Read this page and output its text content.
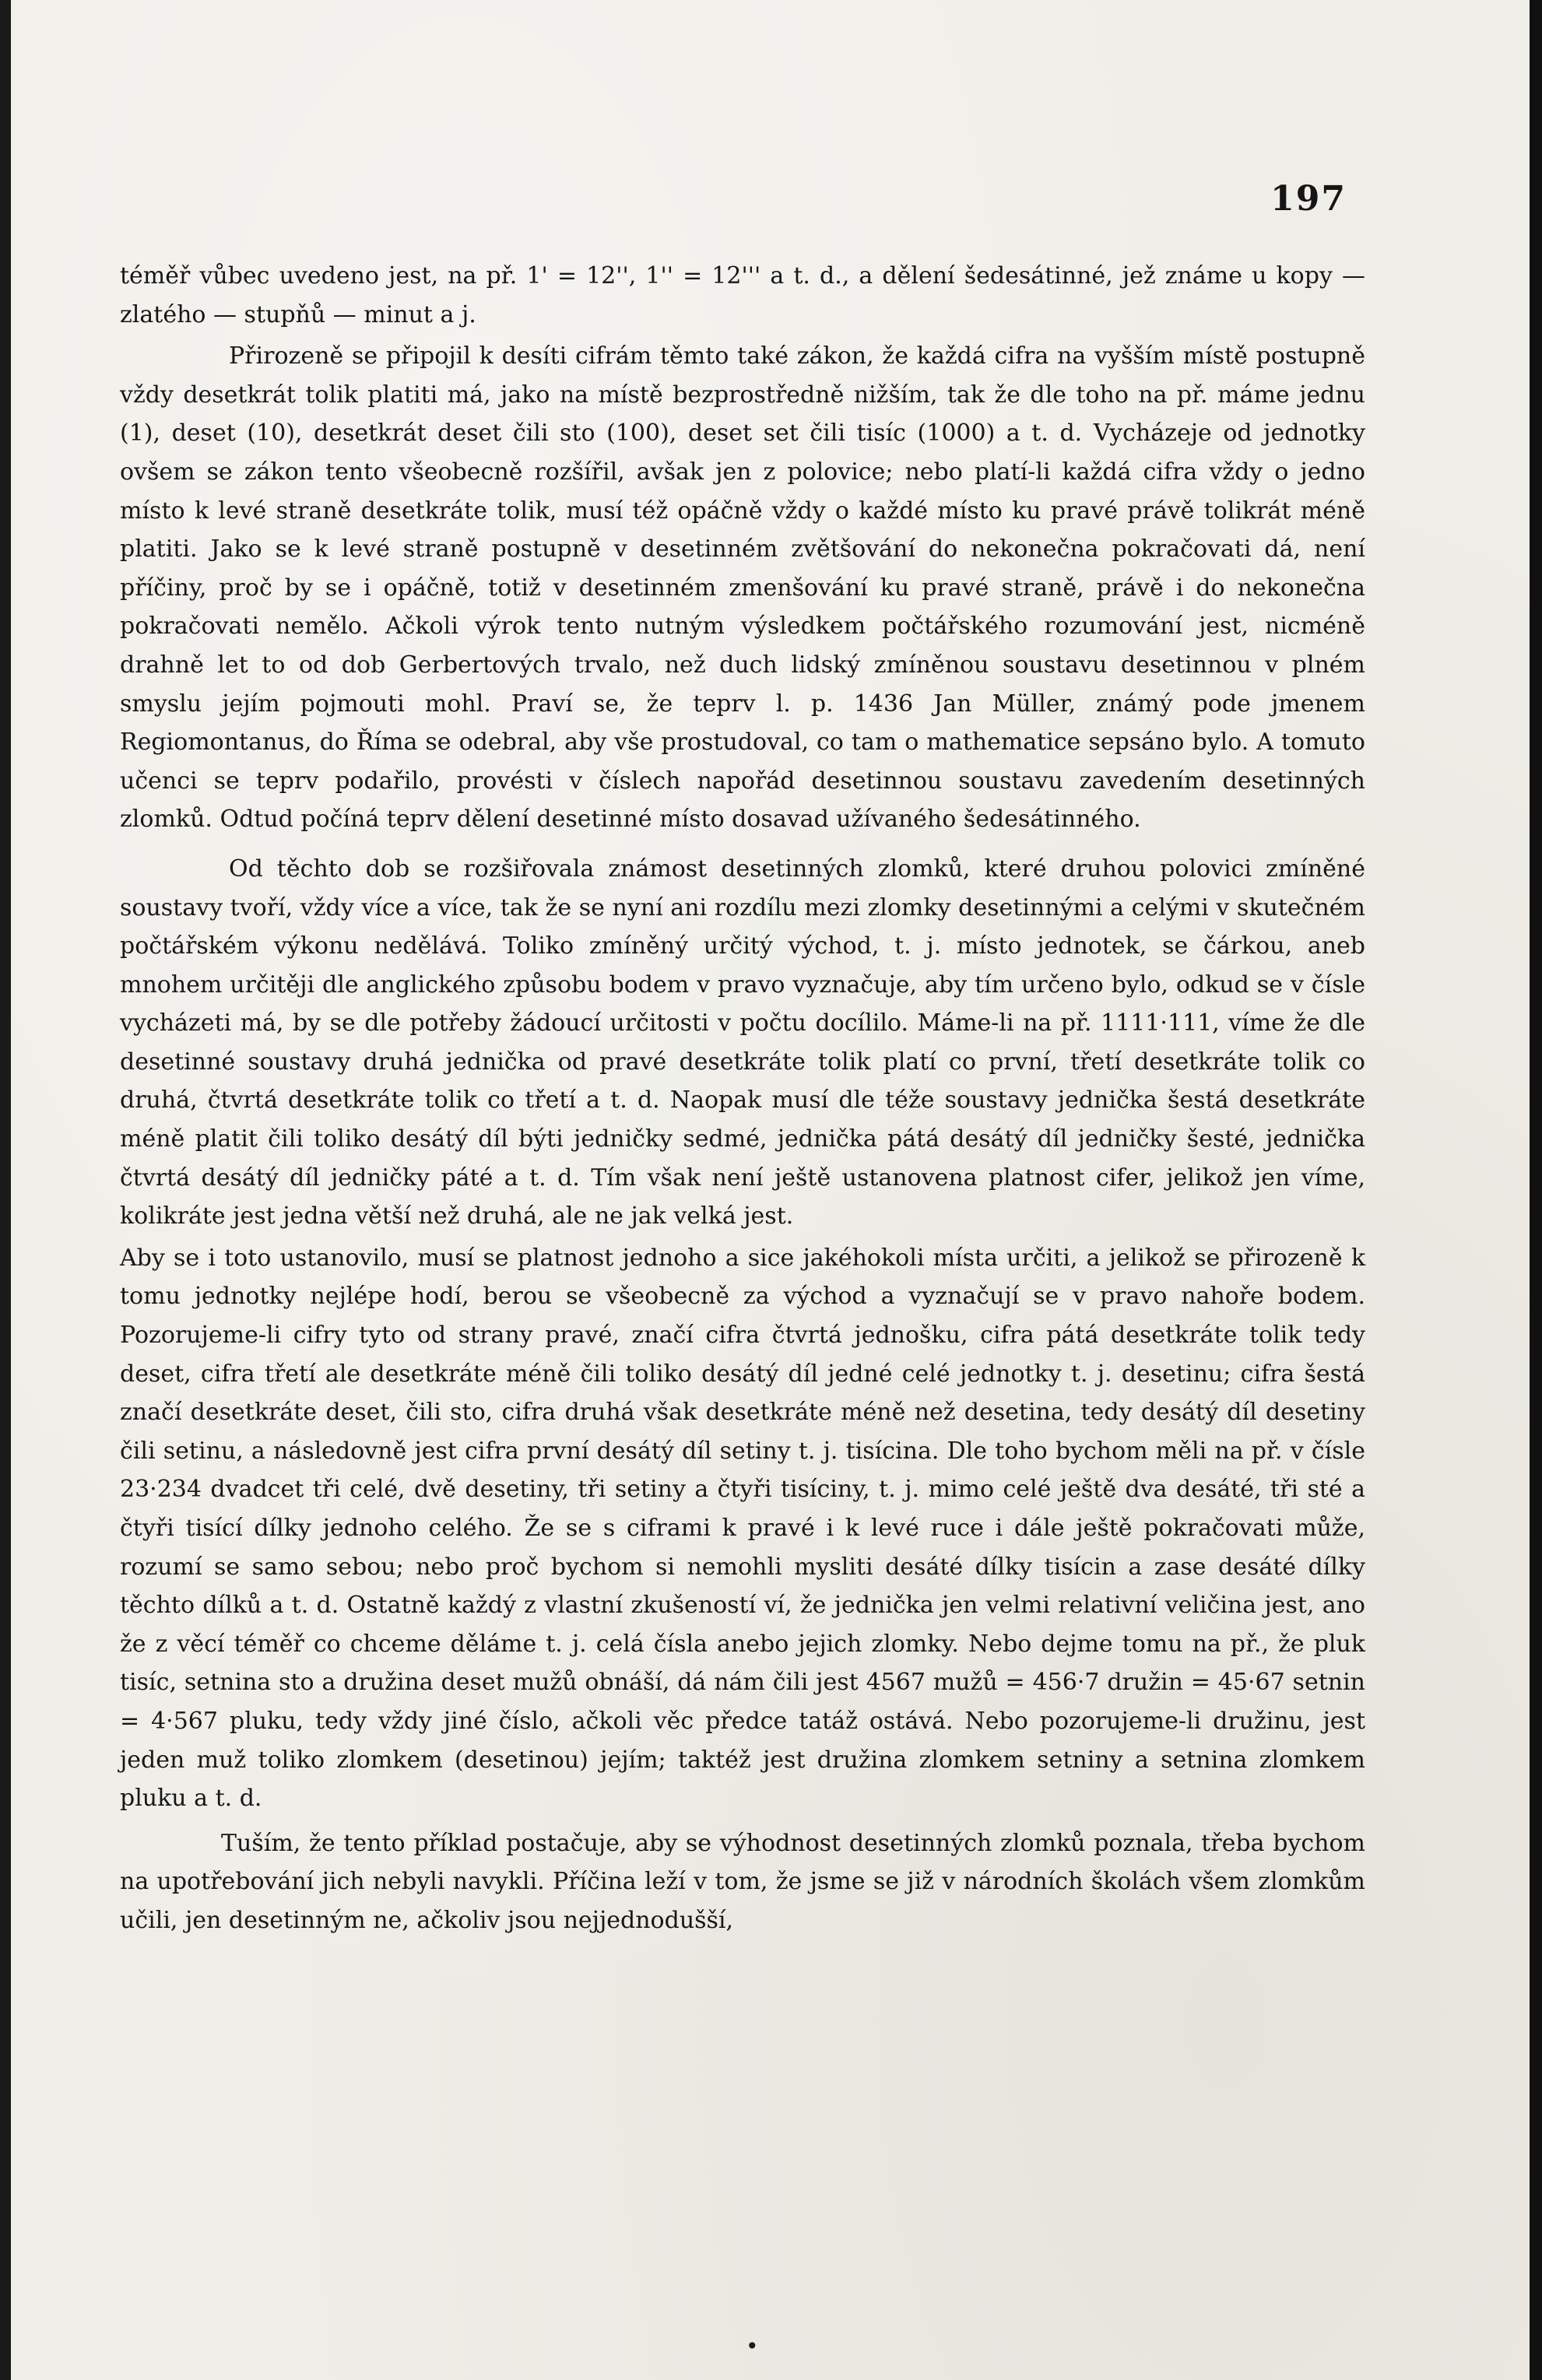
197

téměř vůbec uvedeno jest, na př. 1' = 12'', 1'' = 12''' a t. d., a dělení šedesátinné, jež známe u kopy — zlatého — stupňů — minut a j.

Přirozeně se připojil k desíti cifrám těmto také zákon, že každá cifra na vyšším místě postupně vždy desetkrát tolik platiti má, jako na místě bezprostředně nižším, tak že dle toho na př. máme jednu (1), deset (10), desetkrát deset čili sto (100), deset set čili tisíc (1000) a t. d. Vycházeje od jednotky ovšem se zákon tento všeobecně rozšířil, avšak jen z polovice; nebo platí-li každá cifra vždy o jedno místo k levé straně desetkráte tolik, musí též opáčně vždy o každé místo ku pravé právě tolikrát méně platiti. Jako se k levé straně postupně v desetinném zvětšování do nekonečna pokračovati dá, není příčiny, proč by se i opáčně, totiž v desetinném zmenšování ku pravé straně, právě i do nekonečna pokračovati nemělo. Ačkoli výrok tento nutným výsledkem počtářského rozumování jest, nicméně drahně let to od dob Gerbertových trvalo, než duch lidský zmíněnou soustavu desetinnou v plném smyslu jejím pojmouti mohl. Praví se, že teprv l. p. 1436 Jan Müller, známý pode jmenem Regiomontanus, do Říma se odebral, aby vše prostudoval, co tam o mathematice sepsáno bylo. A tomuto učenci se teprv podařilo, provésti v číslech napořád desetinnou soustavu zavedením desetinných zlomků. Odtud počíná teprv dělení desetinné místo dosavad užívaného šedesátinného.

Od těchto dob se rozšiřovala známost desetinných zlomků, které druhou polovici zmíněné soustavy tvoří, vždy více a více, tak že se nyní ani rozdílu mezi zlomky desetinnými a celými v skutečném počtářském výkonu nedělává. Toliko zmíněný určitý východ, t. j. místo jednotek, se čárkou, aneb mnohem určitěji dle anglického způsobu bodem v pravo vyznačuje, aby tím určeno bylo, odkud se v čísle vycházeti má, by se dle potřeby žádoucí určitosti v počtu docílilo. Máme-li na př. 1111·111, víme že dle desetinné soustavy druhá jednička od pravé desetkráte tolik platí co první, třetí desetkráte tolik co druhá, čtvrtá desetkráte tolik co třetí a t. d. Naopak musí dle téže soustavy jednička šestá desetkráte méně platit čili toliko desátý díl býti jedničky sedmé, jednička pátá desátý díl jedničky šesté, jednička čtvrtá desátý díl jedničky páté a t. d. Tím však není ještě ustanovena platnost cifer, jelikož jen víme, kolikráte jest jedna větší než druhá, ale ne jak velká jest.

Aby se i toto ustanovilo, musí se platnost jednoho a sice jakéhokoli místa určiti, a jelikož se přirozeně k tomu jednotky nejlépe hodí, berou se všeobecně za východ a vyznačují se v pravo nahoře bodem. Pozorujeme-li cifry tyto od strany pravé, značí cifra čtvrtá jednošku, cifra pátá desetkráte tolik tedy deset, cifra třetí ale desetkráte méně čili toliko desátý díl jedné celé jednotky t. j. desetinu; cifra šestá značí desetkráte deset, čili sto, cifra druhá však desetkráte méně než desetina, tedy desátý díl desetiny čili setinu, a následovně jest cifra první desátý díl setiny t. j. tisícina. Dle toho bychom měli na př. v čísle 23·234 dvadcet tři celé, dvě desetiny, tři setiny a čtyři tisíciny, t. j. mimo celé ještě dva desáté, tři sté a čtyři tisící dílky jednoho celého. Že se s ciframi k pravé i k levé ruce i dále ještě pokračovati může, rozumí se samo sebou; nebo proč bychom si nemohli mysliti desáté dílky tisícin a zase desáté dílky těchto dílků a t. d. Ostatně každý z vlastní zkušeností ví, že jednička jen velmi relativní veličina jest, ano že z věcí téměř co chceme děláme t. j. celá čísla anebo jejich zlomky. Nebo dejme tomu na př., že pluk tisíc, setnina sto a družina deset mužů obnáší, dá nám čili jest 4567 mužů = 456·7 družin = 45·67 setnin = 4·567 pluku, tedy vždy jiné číslo, ačkoli věc předce tatáž ostává. Nebo pozorujeme-li družinu, jest jeden muž toliko zlomkem (desetinou) jejím; taktéž jest družina zlomkem setniny a setnina zlomkem pluku a t. d.

Tuším, že tento příklad postačuje, aby se výhodnost desetinných zlomků poznala, třeba bychom na upotřebování jich nebyli navykli. Příčina leží v tom, že jsme se již v národních školách všem zlomkům učili, jen desetinným ne, ačkoliv jsou nejjednodušší,

•
